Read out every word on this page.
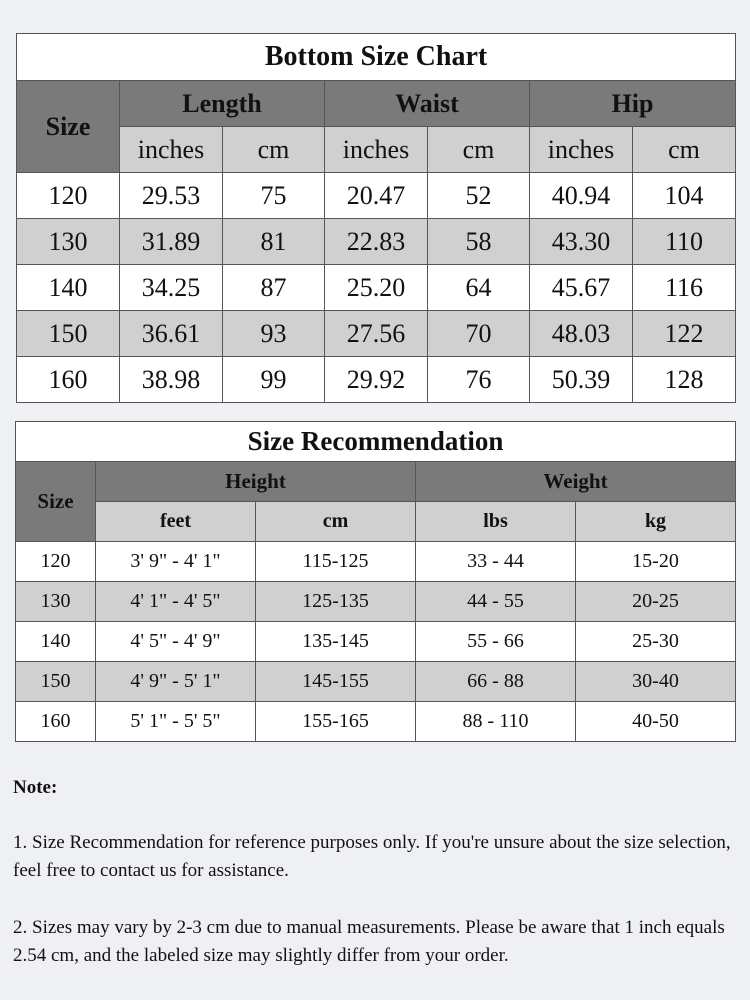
Bottom Size Chart						
Size	Length		Waist		Hip	
	inches	cm	inches	cm	inches	cm
120	29.53	75	20.47	52	40.94	104
130	31.89	81	22.83	58	43.30	110
140	34.25	87	25.20	64	45.67	116
150	36.61	93	27.56	70	48.03	122
160	38.98	99	29.92	76	50.39	128
Size Recommendation				
Size	Height		Weight	
	feet	cm	lbs	kg
120	3' 9" - 4' 1"	115-125	33 - 44	15-20
130	4' 1" - 4' 5"	125-135	44 - 55	20-25
140	4' 5" - 4' 9"	135-145	55 - 66	25-30
150	4' 9" - 5' 1"	145-155	66 - 88	30-40
160	5' 1" - 5' 5"	155-165	88 - 110	40-50
Note:

1. Size Recommendation for reference purposes only. If you're unsure about the size selection, feel free to contact us for assistance.

2. Sizes may vary by 2-3 cm due to manual measurements. Please be aware that 1 inch equals 2.54 cm, and the labeled size may slightly differ from your order.
